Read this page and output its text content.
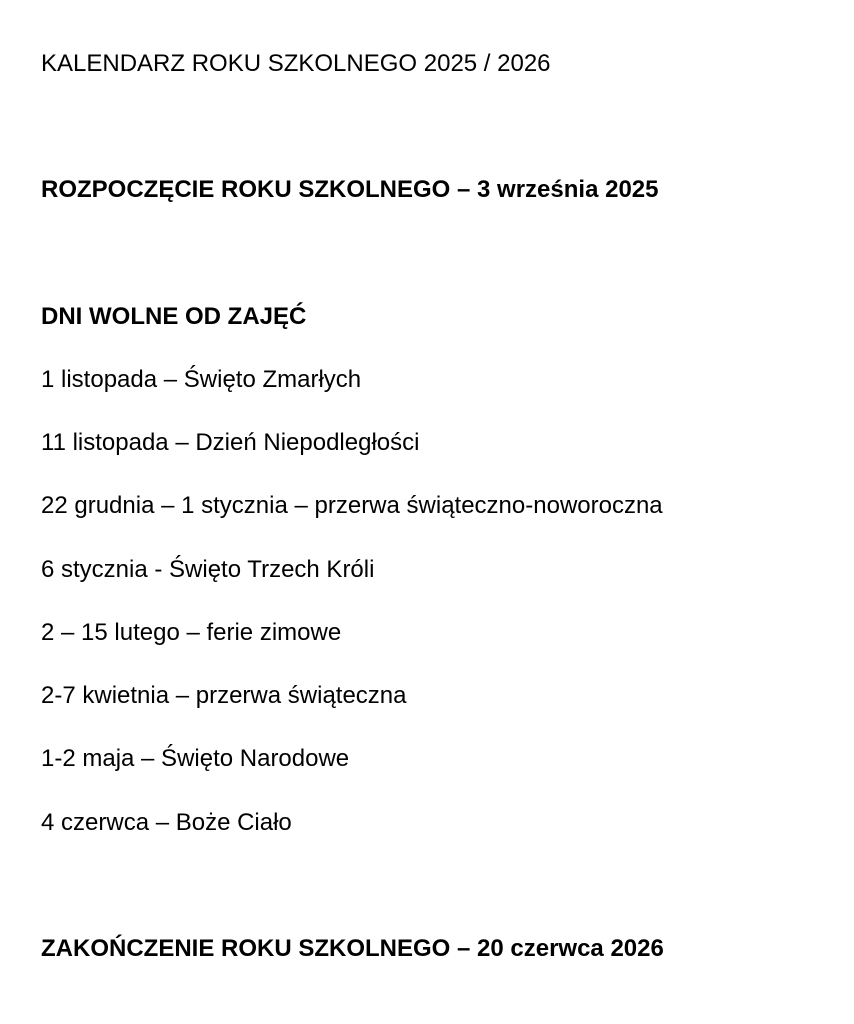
KALENDARZ ROKU SZKOLNEGO 2025 / 2026
ROZPOCZĘCIE ROKU SZKOLNEGO – 3 września 2025
DNI WOLNE OD ZAJĘĆ
1 listopada – Święto Zmarłych
11 listopada – Dzień Niepodległości
22 grudnia – 1 stycznia – przerwa świąteczno-noworoczna
6 stycznia - Święto Trzech Króli
2 – 15 lutego – ferie zimowe
2-7 kwietnia – przerwa świąteczna
1-2 maja – Święto Narodowe
4 czerwca – Boże Ciało
ZAKOŃCZENIE ROKU SZKOLNEGO – 20 czerwca 2026
